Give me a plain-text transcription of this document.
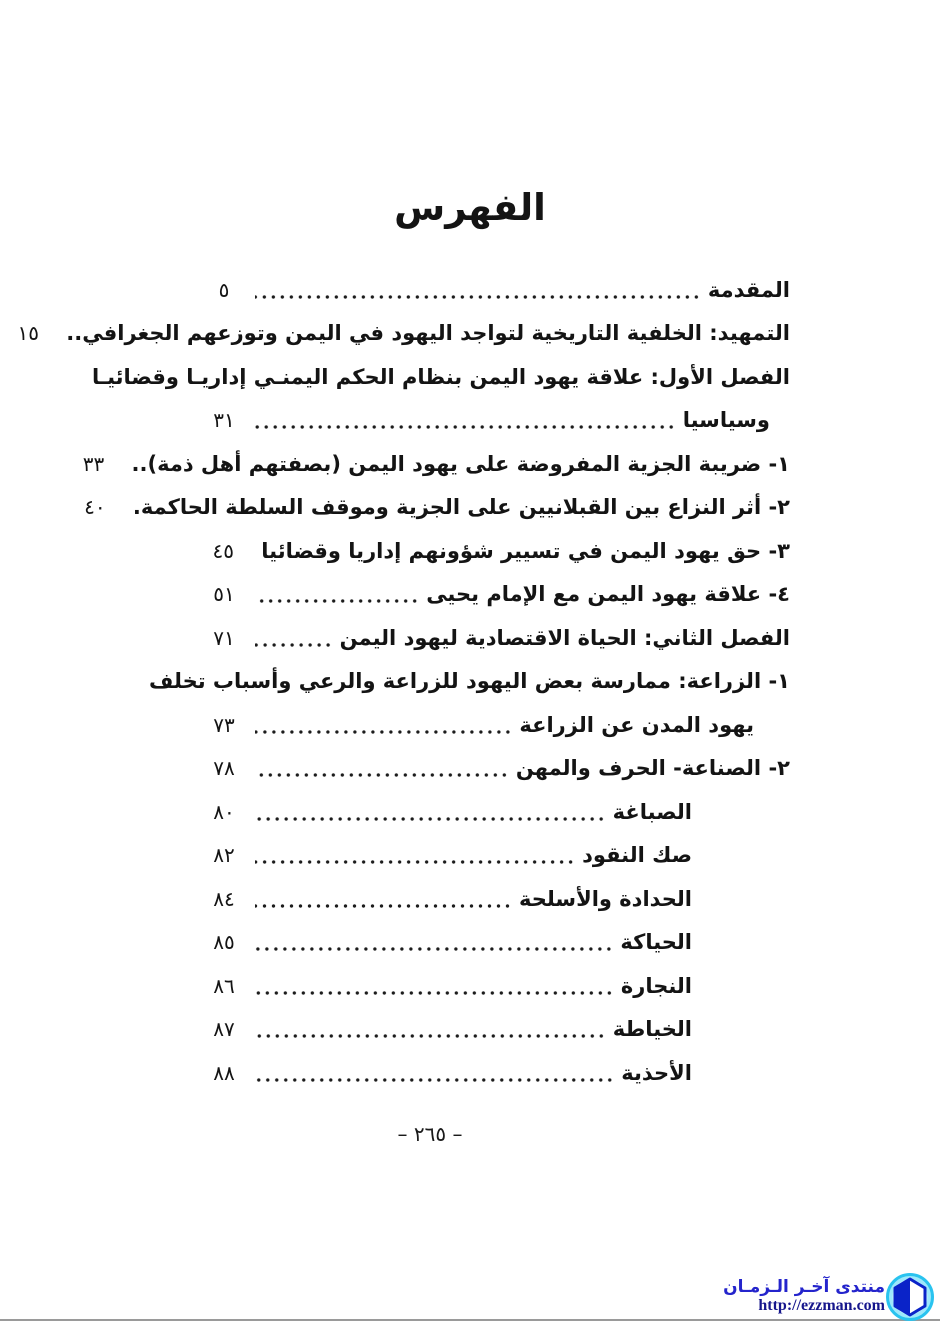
الفهرس
المقدمة
٥
التمهيد: الخلفية التاريخية لتواجد اليهود في اليمن وتوزعهم الجغرافي..
١٥
الفصل الأول: علاقة يهود اليمن بنظام الحكم اليمنـي إداريـا وقضائيـا
وسياسيا
٣١
١- ضريبة الجزية المفروضة على يهود اليمن (بصفتهم أهل ذمة)..
٣٣
٢- أثر النزاع بين القبلانيين على الجزية وموقف السلطة الحاكمة.
٤٠
٣- حق يهود اليمن في تسيير شؤونهم إداريا وقضائيا
٤٥
٤- علاقة يهود اليمن مع الإمام يحيى
٥١
الفصل الثاني: الحياة الاقتصادية ليهود اليمن
٧١
١- الزراعة: ممارسة بعض اليهود للزراعة والرعي وأسباب تخلف
يهود المدن عن الزراعة
٧٣
٢- الصناعة- الحرف والمهن
٧٨
الصباغة
٨٠
صك النقود
٨٢
الحدادة والأسلحة
٨٤
الحياكة
٨٥
النجارة
٨٦
الخياطة
٨٧
الأحذية
٨٨
– ٢٦٥ –
منتدى آخـر الـزمـان
http://ezzman.com
